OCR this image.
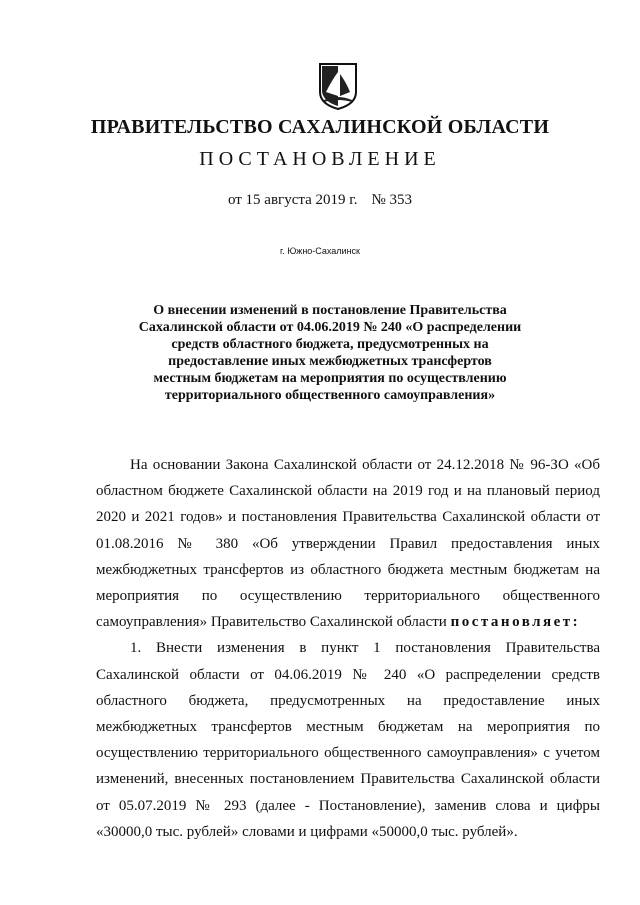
ПРАВИТЕЛЬСТВО САХАЛИНСКОЙ ОБЛАСТИ
ПОСТАНОВЛЕНИЕ
от 15 августа 2019 г. № 353
г. Южно-Сахалинск
О внесении изменений в постановление Правительства
Сахалинской области от 04.06.2019 № 240 «О распределении
средств областного бюджета, предусмотренных на
предоставление иных межбюджетных трансфертов
местным бюджетам на мероприятия по осуществлению
территориального общественного самоуправления»

На основании Закона Сахалинской области от 24.12.2018 № 96-ЗО «Об областном бюджете Сахалинской области на 2019 год и на плановый период 2020 и 2021 годов» и постановления Правительства Сахалинской области от 01.08.2016 № 380 «Об утверждении Правил предоставления иных межбюджетных трансфертов из областного бюджета местным бюджетам на мероприятия по осуществлению территориального общественного самоуправления» Правительство Сахалинской области постановляет:

1. Внести изменения в пункт 1 постановления Правительства Сахалинской области от 04.06.2019 № 240 «О распределении средств областного бюджета, предусмотренных на предоставление иных межбюджетных трансфертов местным бюджетам на мероприятия по осуществлению территориального общественного самоуправления» с учетом изменений, внесенных постановлением Правительства Сахалинской области от 05.07.2019 № 293 (далее - Постановление), заменив слова и цифры «30000,0 тыс. рублей» словами и цифрами «50000,0 тыс. рублей».
